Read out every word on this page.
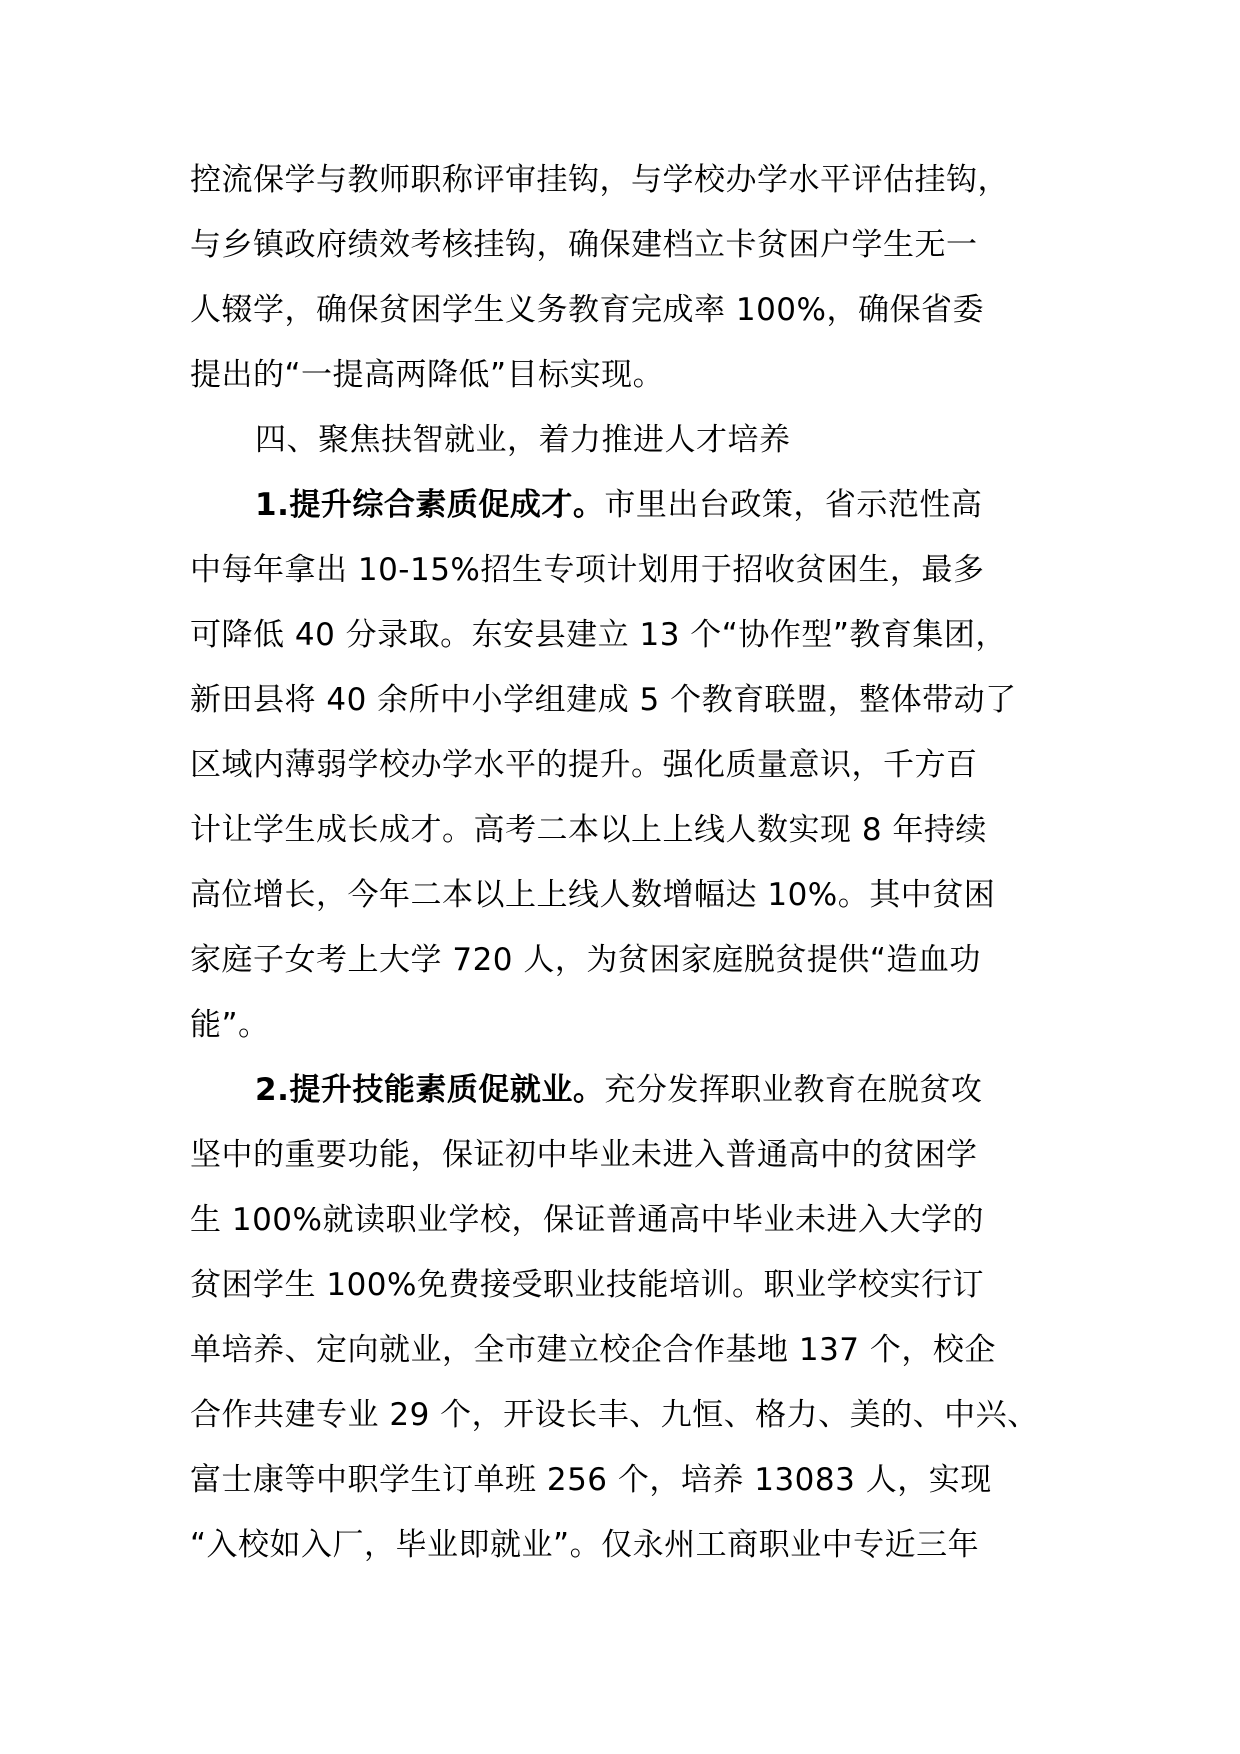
控流保学与教师职称评审挂钩，与学校办学水平评估挂钩，
与乡镇政府绩效考核挂钩，确保建档立卡贫困户学生无一
人辍学，确保贫困学生义务教育完成率 100%，确保省委
提出的“一提高两降低”目标实现。
四、聚焦扶智就业，着力推进人才培养
1.提升综合素质促成才。市里出台政策，省示范性高
中每年拿出 10-15%招生专项计划用于招收贫困生，最多
可降低 40 分录取。东安县建立 13 个“协作型”教育集团，
新田县将 40 余所中小学组建成 5 个教育联盟，整体带动了
区域内薄弱学校办学水平的提升。强化质量意识，千方百
计让学生成长成才。高考二本以上上线人数实现 8 年持续
高位增长，今年二本以上上线人数增幅达 10%。其中贫困
家庭子女考上大学 720 人，为贫困家庭脱贫提供“造血功
能”。
2.提升技能素质促就业。充分发挥职业教育在脱贫攻
坚中的重要功能，保证初中毕业未进入普通高中的贫困学
生 100%就读职业学校，保证普通高中毕业未进入大学的
贫困学生 100%免费接受职业技能培训。职业学校实行订
单培养、定向就业，全市建立校企合作基地 137 个，校企
合作共建专业 29 个，开设长丰、九恒、格力、美的、中兴、
富士康等中职学生订单班 256 个，培养 13083 人，实现
“入校如入厂，毕业即就业”。仅永州工商职业中专近三年
